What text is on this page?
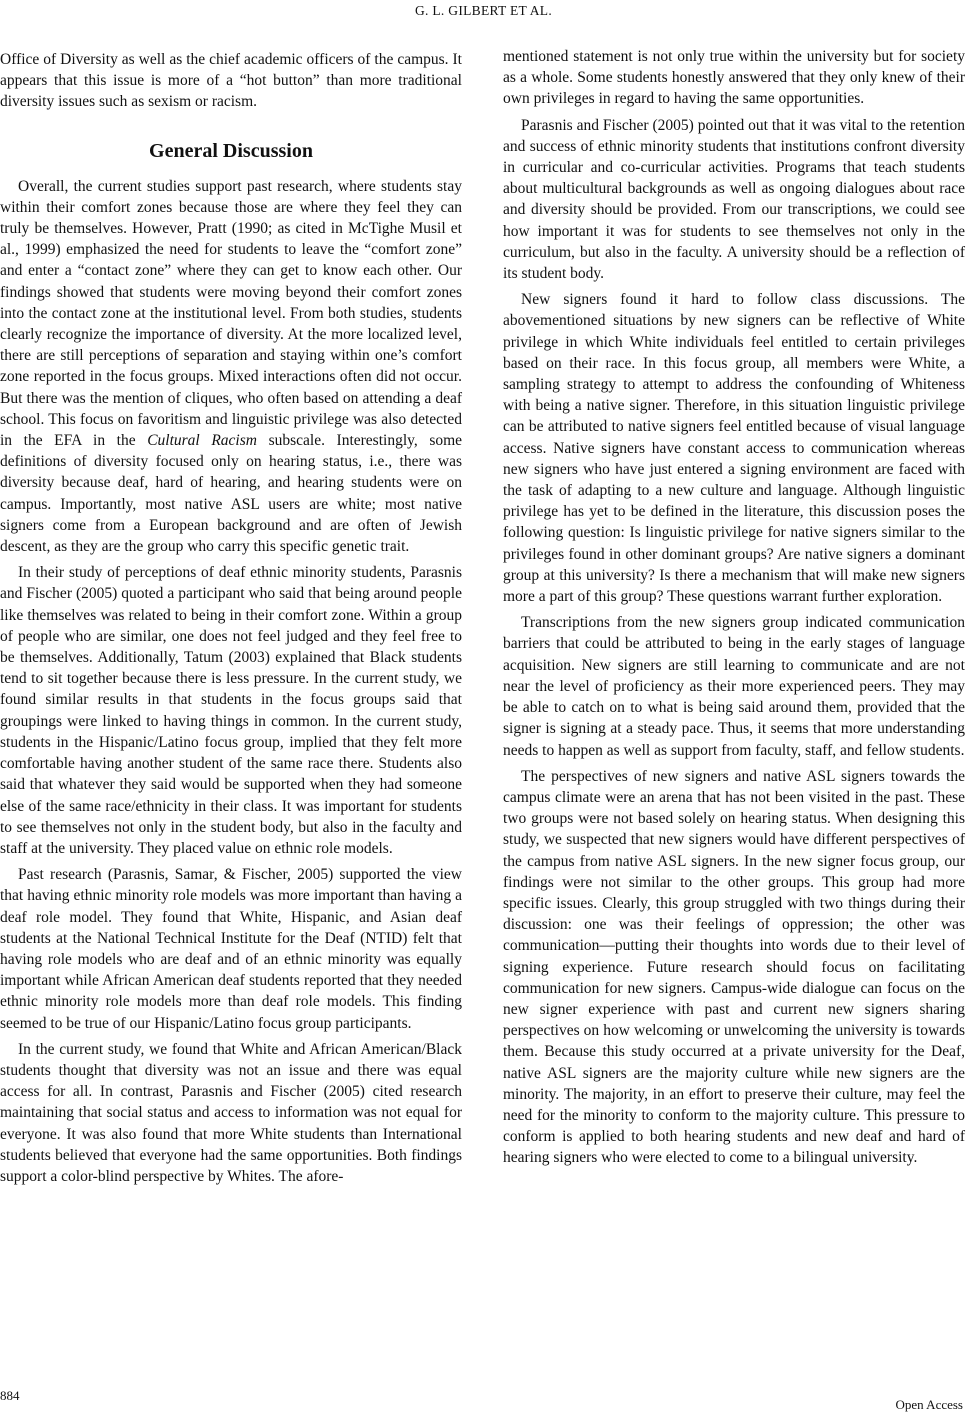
G. L. GILBERT ET AL.

Office of Diversity as well as the chief academic officers of the campus. It appears that this issue is more of a “hot button” than more traditional diversity issues such as sexism or racism.

General Discussion

Overall, the current studies support past research, where students stay within their comfort zones because those are where they feel they can truly be themselves. However, Pratt (1990; as cited in McTighe Musil et al., 1999) emphasized the need for students to leave the “comfort zone” and enter a “contact zone” where they can get to know each other. Our findings showed that students were moving beyond their comfort zones into the contact zone at the institutional level. From both studies, students clearly recognize the importance of diversity. At the more localized level, there are still perceptions of separation and staying within one’s comfort zone reported in the focus groups. Mixed interactions often did not occur. But there was the mention of cliques, who often based on attending a deaf school. This focus on favoritism and linguistic privilege was also detected in the EFA in the Cultural Racism subscale. Interestingly, some definitions of diversity focused only on hearing status, i.e., there was diversity because deaf, hard of hearing, and hearing students were on campus. Importantly, most native ASL users are white; most native signers come from a European background and are often of Jewish descent, as they are the group who carry this specific genetic trait.

In their study of perceptions of deaf ethnic minority students, Parasnis and Fischer (2005) quoted a participant who said that being around people like themselves was related to being in their comfort zone. Within a group of people who are similar, one does not feel judged and they feel free to be themselves. Additionally, Tatum (2003) explained that Black students tend to sit together because there is less pressure. In the current study, we found similar results in that students in the focus groups said that groupings were linked to having things in common. In the current study, students in the Hispanic/Latino focus group, implied that they felt more comfortable having another student of the same race there. Students also said that whatever they said would be supported when they had someone else of the same race/ethnicity in their class. It was important for students to see themselves not only in the student body, but also in the faculty and staff at the university. They placed value on ethnic role models.

Past research (Parasnis, Samar, & Fischer, 2005) supported the view that having ethnic minority role models was more important than having a deaf role model. They found that White, Hispanic, and Asian deaf students at the National Technical Institute for the Deaf (NTID) felt that having role models who are deaf and of an ethnic minority was equally important while African American deaf students reported that they needed ethnic minority role models more than deaf role models. This finding seemed to be true of our Hispanic/Latino focus group participants.

In the current study, we found that White and African American/Black students thought that diversity was not an issue and there was equal access for all. In contrast, Parasnis and Fischer (2005) cited research maintaining that social status and access to information was not equal for everyone. It was also found that more White students than International students believed that everyone had the same opportunities. Both findings support a color-blind perspective by Whites. The afore-

mentioned statement is not only true within the university but for society as a whole. Some students honestly answered that they only knew of their own privileges in regard to having the same opportunities.

Parasnis and Fischer (2005) pointed out that it was vital to the retention and success of ethnic minority students that institutions confront diversity in curricular and co-curricular activities. Programs that teach students about multicultural backgrounds as well as ongoing dialogues about race and diversity should be provided. From our transcriptions, we could see how important it was for students to see themselves not only in the curriculum, but also in the faculty. A university should be a reflection of its student body.

New signers found it hard to follow class discussions. The abovementioned situations by new signers can be reflective of White privilege in which White individuals feel entitled to certain privileges based on their race. In this focus group, all members were White, a sampling strategy to attempt to address the confounding of Whiteness with being a native signer. Therefore, in this situation linguistic privilege can be attributed to native signers feel entitled because of visual language access. Native signers have constant access to communication whereas new signers who have just entered a signing environment are faced with the task of adapting to a new culture and language. Although linguistic privilege has yet to be defined in the literature, this discussion poses the following question: Is linguistic privilege for native signers similar to the privileges found in other dominant groups? Are native signers a dominant group at this university? Is there a mechanism that will make new signers more a part of this group? These questions warrant further exploration.

Transcriptions from the new signers group indicated communication barriers that could be attributed to being in the early stages of language acquisition. New signers are still learning to communicate and are not near the level of proficiency as their more experienced peers. They may be able to catch on to what is being said around them, provided that the signer is signing at a steady pace. Thus, it seems that more understanding needs to happen as well as support from faculty, staff, and fellow students.

The perspectives of new signers and native ASL signers towards the campus climate were an arena that has not been visited in the past. These two groups were not based solely on hearing status. When designing this study, we suspected that new signers would have different perspectives of the campus from native ASL signers. In the new signer focus group, our findings were not similar to the other groups. This group had more specific issues. Clearly, this group struggled with two things during their discussion: one was their feelings of oppression; the other was communication—putting their thoughts into words due to their level of signing experience. Future research should focus on facilitating communication for new signers. Campus-wide dialogue can focus on the new signer experience with past and current new signers sharing perspectives on how welcoming or unwelcoming the university is towards them. Because this study occurred at a private university for the Deaf, native ASL signers are the majority culture while new signers are the minority. The majority, in an effort to preserve their culture, may feel the need for the minority to conform to the majority culture. This pressure to conform is applied to both hearing students and new deaf and hard of hearing signers who were elected to come to a bilingual university.

884
Open Access
